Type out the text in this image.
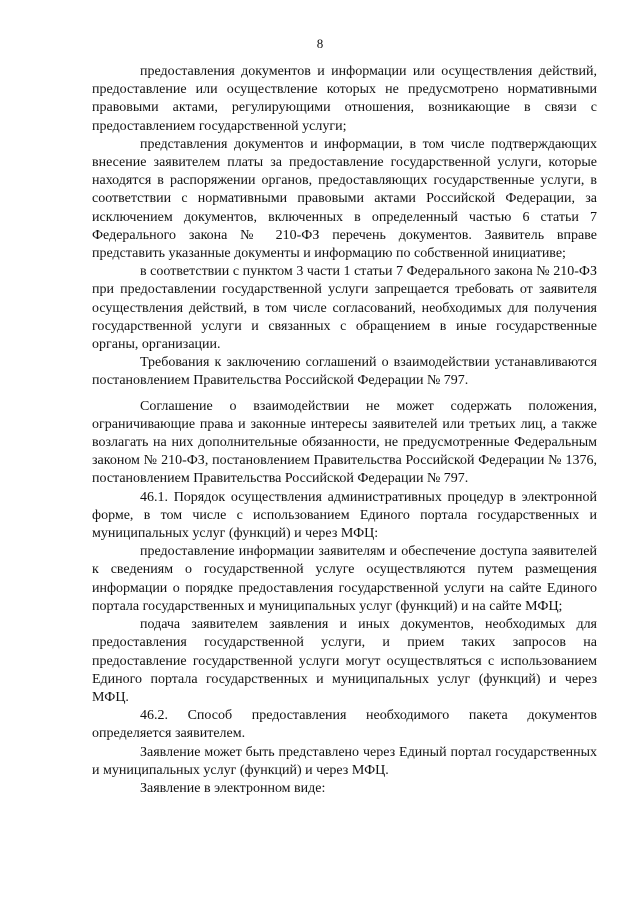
8

предоставления документов и информации или осуществления действий, предоставление или осуществление которых не предусмотрено нормативными правовыми актами, регулирующими отношения, возникающие в связи с предоставлением государственной услуги;

представления документов и информации, в том числе подтверждающих внесение заявителем платы за предоставление государственной услуги, которые находятся в распоряжении органов, предоставляющих государственные услуги, в соответствии с нормативными правовыми актами Российской Федерации, за исключением документов, включенных в определенный частью 6 статьи 7 Федерального закона № 210-ФЗ перечень документов. Заявитель вправе представить указанные документы и информацию по собственной инициативе;

в соответствии с пунктом 3 части 1 статьи 7 Федерального закона № 210-ФЗ при предоставлении государственной услуги запрещается требовать от заявителя осуществления действий, в том числе согласований, необходимых для получения государственной услуги и связанных с обращением в иные государственные органы, организации.

Требования к заключению соглашений о взаимодействии устанавливаются постановлением Правительства Российской Федерации № 797.

Соглашение о взаимодействии не может содержать положения, ограничивающие права и законные интересы заявителей или третьих лиц, а также возлагать на них дополнительные обязанности, не предусмотренные Федеральным законом № 210-ФЗ, постановлением Правительства Российской Федерации № 1376, постановлением Правительства Российской Федерации № 797.

46.1. Порядок осуществления административных процедур в электронной форме, в том числе с использованием Единого портала государственных и муниципальных услуг (функций) и через МФЦ:

предоставление информации заявителям и обеспечение доступа заявителей к сведениям о государственной услуге осуществляются путем размещения информации о порядке предоставления государственной услуги на сайте Единого портала государственных и муниципальных услуг (функций) и на сайте МФЦ;

подача заявителем заявления и иных документов, необходимых для предоставления государственной услуги, и прием таких запросов на предоставление государственной услуги могут осуществляться с использованием Единого портала государственных и муниципальных услуг (функций) и через МФЦ.

46.2. Способ предоставления необходимого пакета документов определяется заявителем.

Заявление может быть представлено через Единый портал государственных и муниципальных услуг (функций) и через МФЦ.

Заявление в электронном виде:
